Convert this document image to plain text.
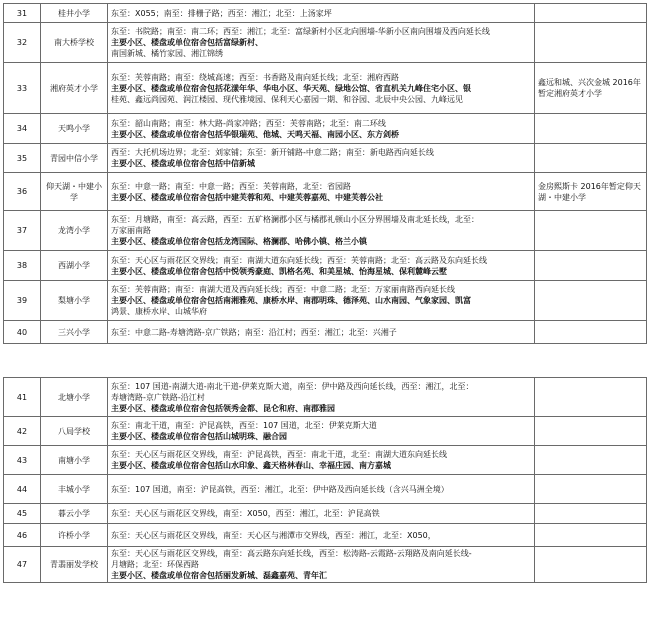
31	桂井小学	东至：X055；南至：排栅子路；西至：湘江；北至：上汤家坪	

32	南大桥学校	东至：书院路；南至：南二环；西至：湘江；北至：富绿新村小区北向围墙-华新小区南向围墙及西向延长线
主要小区、楼盘或单位宿舍包括富绿新村、
南国新城、橘竹家园、湘江锦绣	

33	湘府英才小学	东至：芙蓉南路；南至：绕城高速；西至：书香路及南向延长线；北至：湘府西路
主要小区、楼盘或单位宿舍包括花漾年华、华电小区、华天苑、绿地公馆、省直机关九峰住宅小区、银
桂苑、鑫远尚园苑、润江楼园、现代雅境园、保利天心嘉园一期、和谷园、北辰中央公园、九峰远见	鑫远和城、兴次金城 2016年暂定湘府英才小学
34	天鸣小学	东至：韶山南路；南至：林大路-尚家冲路；西至：芙蓉南路；北至：南二环线
主要小区、楼盘或单位宿舍包括华银瑞苑、他城、天鸣天福、南园小区、东方剑桥	

35	青园中信小学	西至：大托机场边界；北至：刘家铺；东至：新开铺路-中意二路；南至：新电路西向延长线
主要小区、楼盘或单位宿舍包括中信新城	

36	仰天湖・中建小学	东至：中意一路；南至：中意一路；西至：芙蓉南路，北至：省园路
主要小区、楼盘或单位宿舍包括中建芙蓉和苑、中建芙蓉嘉苑、中建芙蓉公社	金房熙斯卡 2016年暂定仰天湖・中建小学
37	龙湾小学	东至：月塘路，南至：高云路，西至：五矿格澜郡小区与橘郡礼顿山小区分界围墙及南北延长线，北至：
万家丽南路
主要小区、楼盘或单位宿舍包括龙湾国际、格澜郡、哈佛小镇、格兰小镇	

38	西湖小学	东至：天心区与雨花区交界线；南至：南湖大道东向延长线；西至：芙蓉南路；北至：高云路及东向延长线
主要小区、楼盘或单位宿舍包括中悦领秀豪庭、凯格名苑、和美星城、怡海星城、保利麓峰云墅	

39	梨塘小学	东至：芙蓉南路；南至：南湖大道及西向延长线；西至：中意二路；北至：万家丽南路西向延长线
主要小区、楼盘或单位宿舍包括南湘雅苑、康桥水岸、南郡明珠、德泽苑、山水南园、气象家园、凯富
鸿景、康桥水岸、山城华府	

40	三兴小学	东至：中意二路-寿塘湾路-京广铁路；南至：沿江村；西至：湘江；北至：兴湘子	

41	北塘小学	东至：107 国道-南湖大道-南北干道-伊莱克斯大道，南至：伊中路及西向延长线，西至：湘江，北至：
寿塘湾路-京广铁路-沿江村
主要小区、楼盘或单位宿舍包括领秀金都、昆仑和府、南郡雅园	

42	八局学校	东至：南北干道，南至：沪昆高铁，西至：107 国道，北至：伊莱克斯大道
主要小区、楼盘或单位宿舍包括山城明珠、融合园	

43	南塘小学	东至：天心区与雨花区交界线，南至：沪昆高铁，西至：南北干道，北至：南湖大道东向延长线
主要小区、楼盘或单位宿舍包括山水印象、鑫天格林春山、幸福庄园、南方嘉城	

44	丰城小学	东至：107 国道，南至：沪昆高铁，西至：湘江，北至：伊中路及西向延长线（含兴马洲全境）	

45	暮云小学	东至：天心区与雨花区交界线，南至：X050，西至：湘江，北至：沪昆高铁	

46	许桥小学	东至：天心区与雨花区交界线，南至：天心区与湘潭市交界线，西至：湘江，北至：X050，	

47	青翡丽发学校	东至：天心区与雨花区交界线，南至：高云路东向延长线，西至：松涛路-云霞路-云翔路及南向延长线-
月塘路；北至：环保西路
主要小区、楼盘或单位宿舍包括丽发新城、磊鑫嘉苑、青年汇	
